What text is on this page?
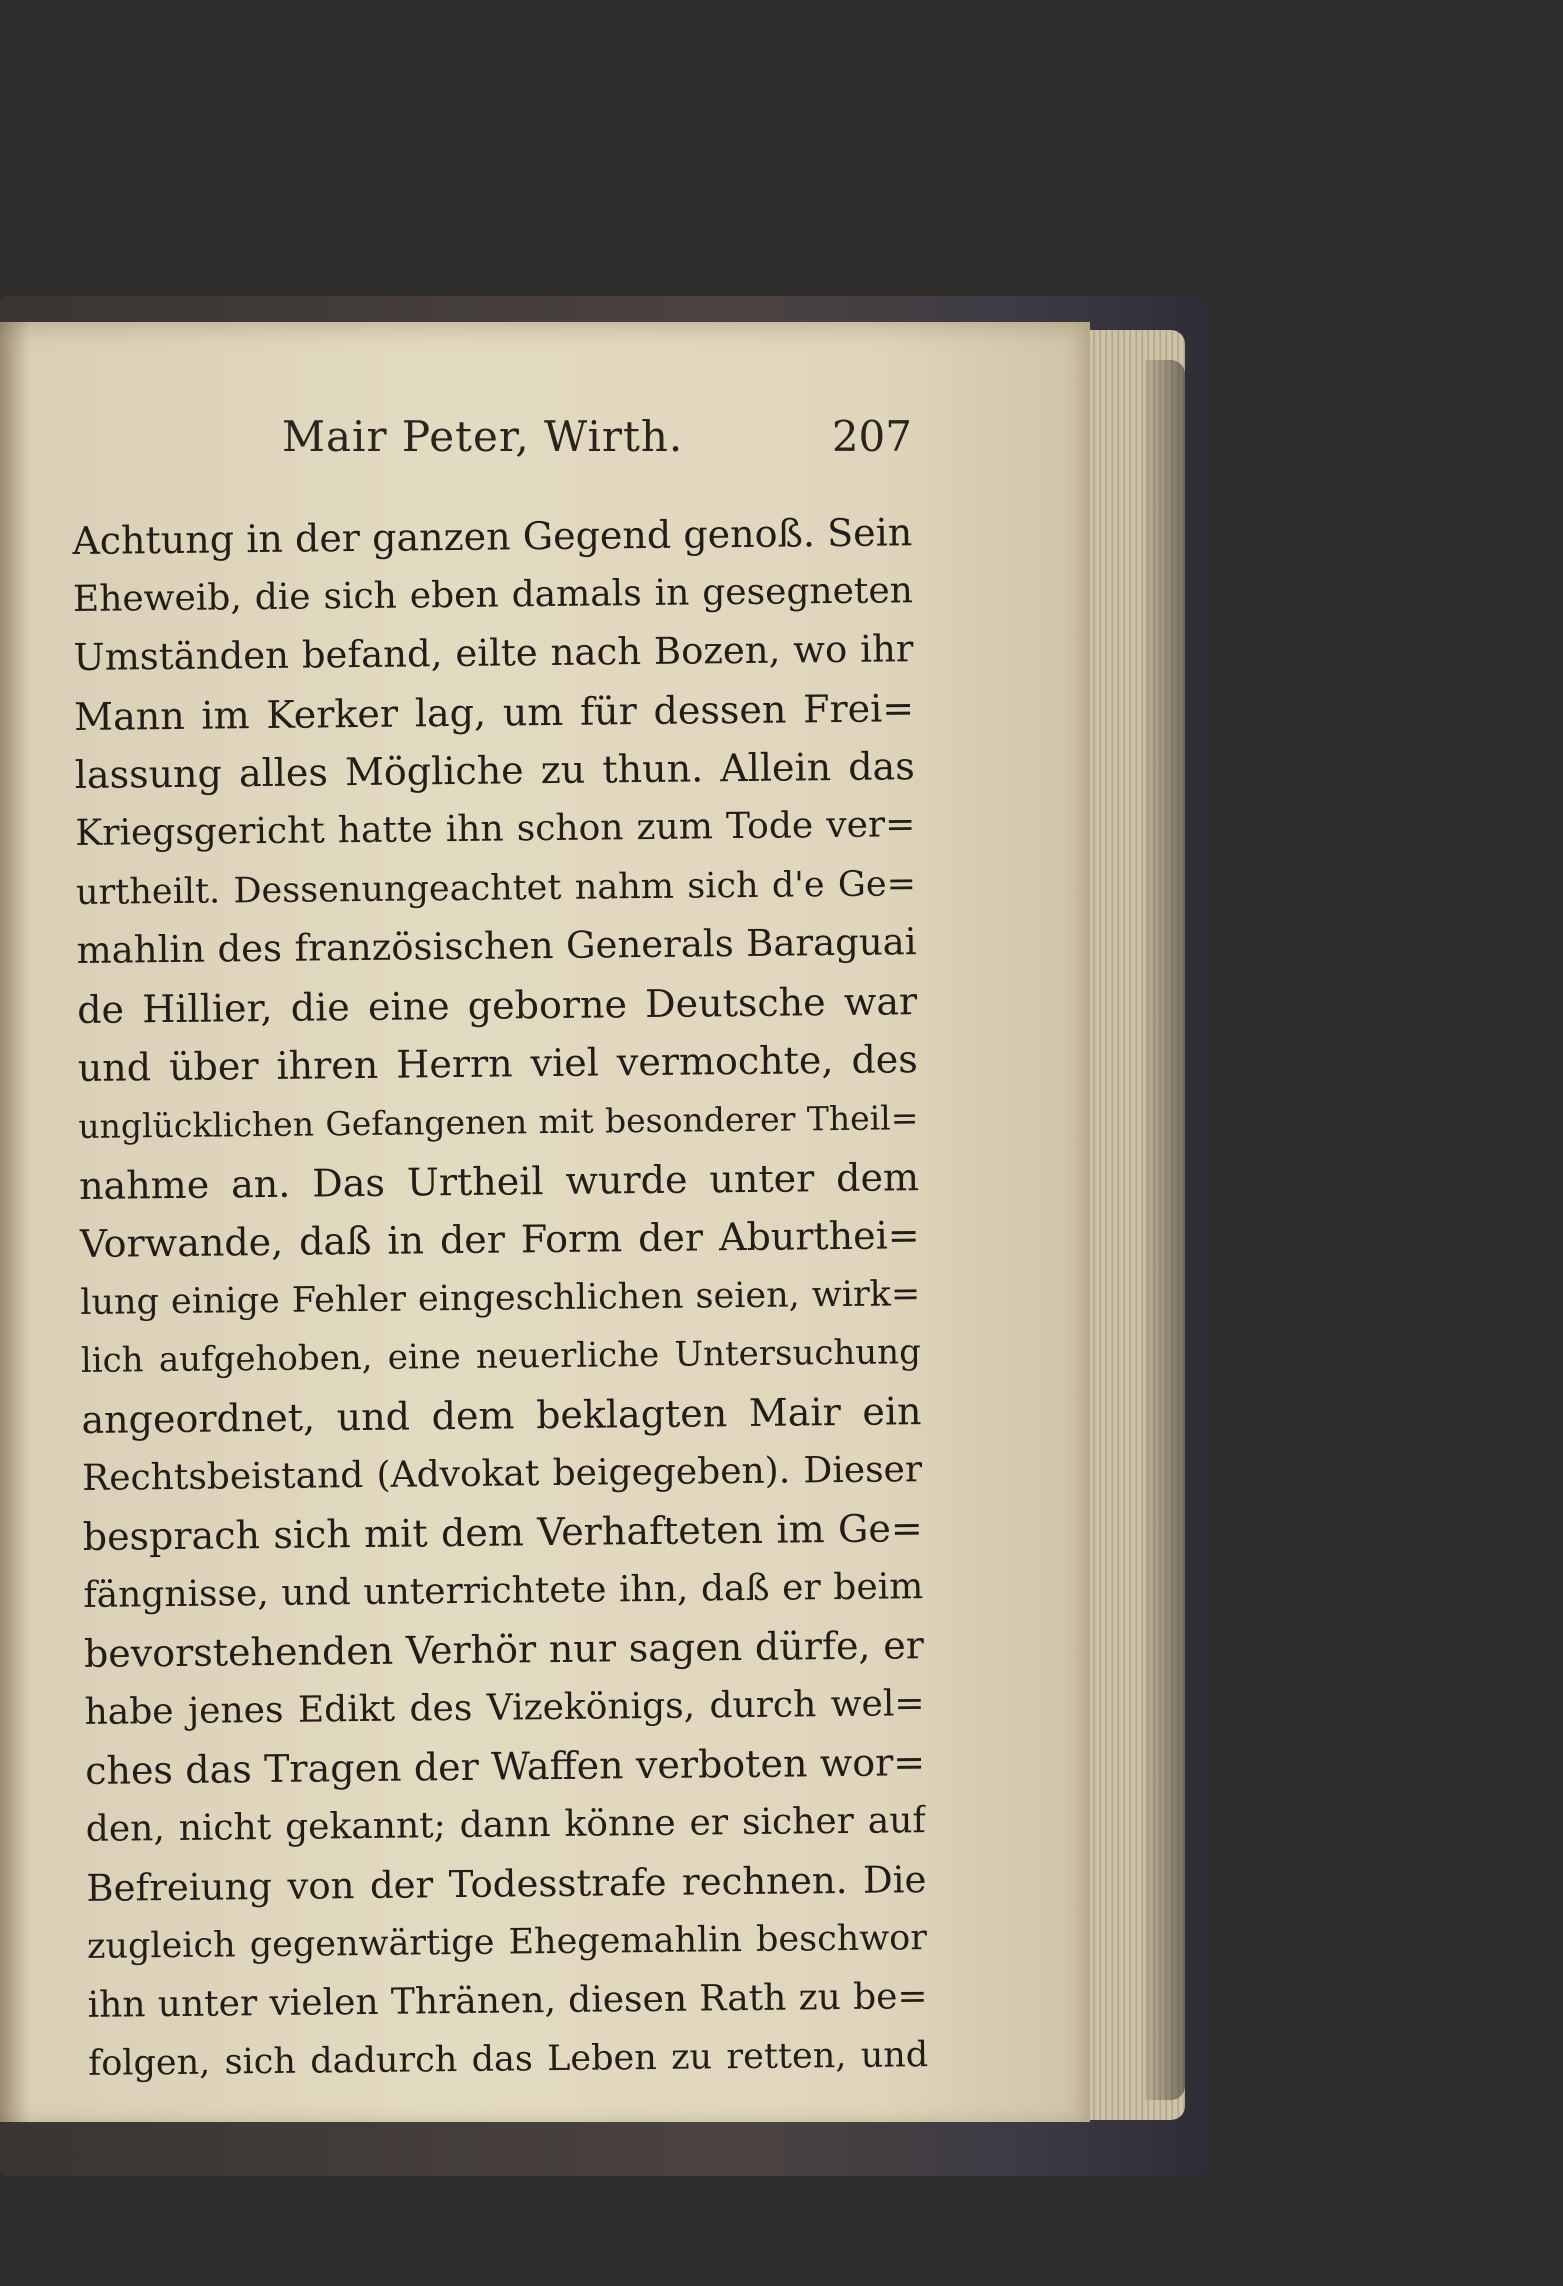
Mair Peter, Wirth.	207
Achtung in der ganzen Gegend genoß. Sein
Eheweib, die sich eben damals in gesegneten
Umständen befand, eilte nach Bozen, wo ihr
Mann im Kerker lag, um für dessen Frei=
lassung alles Mögliche zu thun. Allein das
Kriegsgericht hatte ihn schon zum Tode ver=
urtheilt. Dessenungeachtet nahm sich d'e Ge=
mahlin des französischen Generals Baraguai
de Hillier, die eine geborne Deutsche war
und über ihren Herrn viel vermochte, des
unglücklichen Gefangenen mit besonderer Theil=
nahme an. Das Urtheil wurde unter dem
Vorwande, daß in der Form der Aburthei=
lung einige Fehler eingeschlichen seien, wirk=
lich aufgehoben, eine neuerliche Untersuchung
angeordnet, und dem beklagten Mair ein
Rechtsbeistand (Advokat beigegeben). Dieser
besprach sich mit dem Verhafteten im Ge=
fängnisse, und unterrichtete ihn, daß er beim
bevorstehenden Verhör nur sagen dürfe, er
habe jenes Edikt des Vizekönigs, durch wel=
ches das Tragen der Waffen verboten wor=
den, nicht gekannt; dann könne er sicher auf
Befreiung von der Todesstrafe rechnen. Die
zugleich gegenwärtige Ehegemahlin beschwor
ihn unter vielen Thränen, diesen Rath zu be=
folgen, sich dadurch das Leben zu retten, und
